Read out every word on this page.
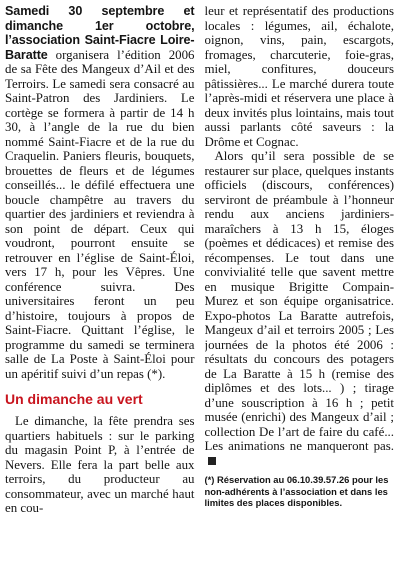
Samedi 30 septembre et dimanche 1er octobre, l’association Saint-Fiacre Loire-Baratte organisera l’édition 2006 de sa Fête des Mangeux d’Ail et des Terroirs. Le samedi sera consacré au Saint-Patron des Jardiniers. Le cortège se formera à partir de 14 h 30, à l’angle de la rue du bien nommé Saint-Fiacre et de la rue du Craquelin. Paniers fleuris, bouquets, brouettes de fleurs et de légumes conseillés... le défilé effectuera une boucle champêtre au travers du quartier des jardiniers et reviendra à son point de départ. Ceux qui voudront, pourront ensuite se retrouver en l’église de Saint-Éloi, vers 17 h, pour les Vêpres. Une conférence suivra. Des universitaires feront un peu d’histoire, toujours à propos de Saint-Fiacre. Quittant l’église, le programme du samedi se terminera salle de La Poste à Saint-Éloi pour un apéritif suivi d’un repas (*).

Un dimanche au vert

Le dimanche, la fête prendra ses quartiers habituels : sur le parking du magasin Point P, à l’entrée de Nevers. Elle fera la part belle aux terroirs, du producteur au consommateur, avec un marché haut en cou-

leur et représentatif des productions locales : légumes, ail, échalote, oignon, vins, pain, escargots, fromages, charcuterie, foie-gras, miel, confitures, douceurs pâtissières... Le marché durera toute l’après-midi et réservera une place à deux invités plus lointains, mais tout aussi parlants côté saveurs : la Drôme et Cognac.

Alors qu’il sera possible de se restaurer sur place, quelques instants officiels (discours, conférences) serviront de préambule à l’honneur rendu aux anciens jardiniers-maraîchers à 13 h 15, éloges (poèmes et dédicaces) et remise des récompenses. Le tout dans une convivialité telle que savent mettre en musique Brigitte Compain-Murez et son équipe organisatrice. Expo-photos La Baratte autrefois, Mangeux d’ail et terroirs 2005 ; Les journées de la photos été 2006 : résultats du concours des potagers de La Baratte à 15 h (remise des diplômes et des lots... ) ; tirage d’une souscription à 16 h ; petit musée (enrichi) des Mangeux d’ail ; collection De l’art de faire du café... Les animations ne manqueront pas.

(*) Réservation au 06.10.39.57.26 pour les non-adhérents à l’association et dans les limites des places disponibles.
